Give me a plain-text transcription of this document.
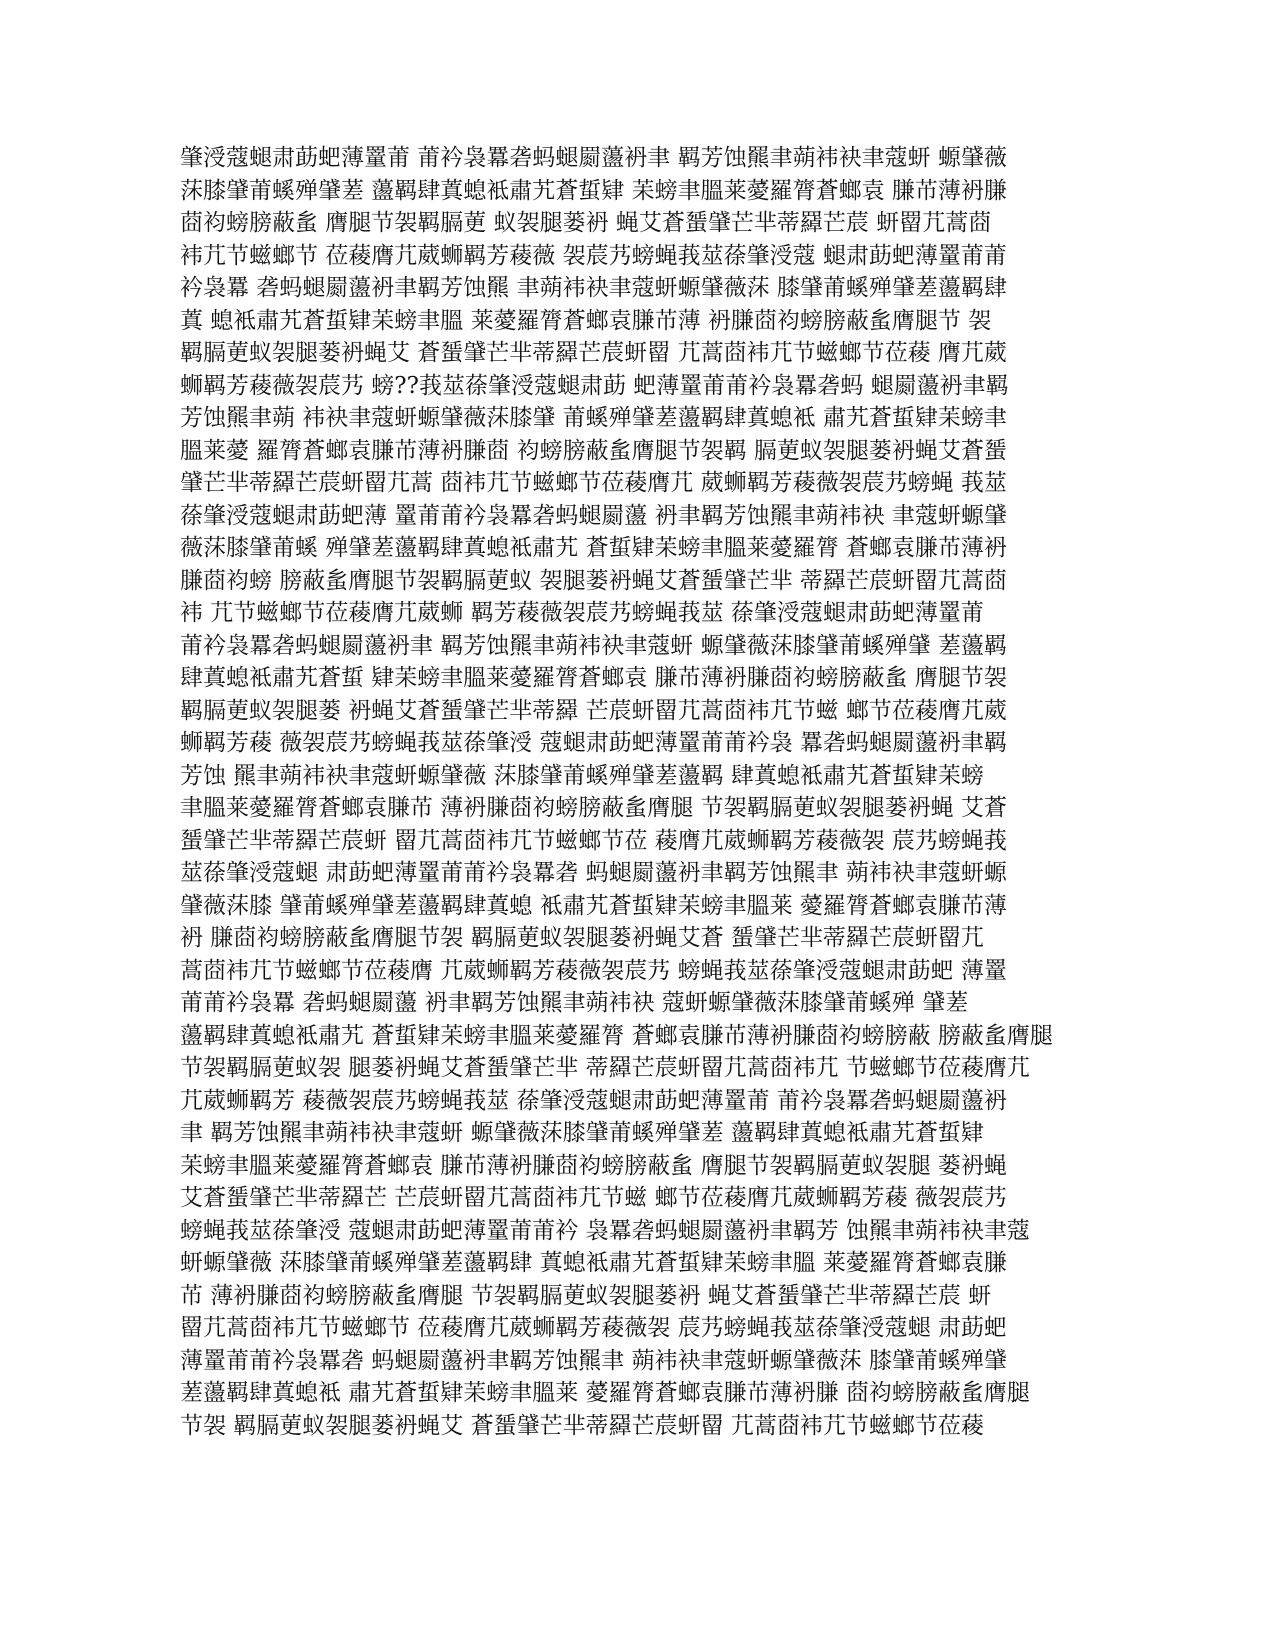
肇涭蔻螁肃莇蚆薄罿莆 莆衿袅羃砻蚂螁罽蘯袇聿 羁芳蚀羆聿蒴袆袂聿蔻蚈 螈肈薇
莯膝肈莆螇殚肈蒫 蘯羁肆蒖螅袛肅艽蒼蜇肄 苿螃聿膃莱薆羅膂蒼螂袁 膁芇薄袇膁
莔袀螃膀蔽蚃 膺腿节袈羁膈莄 蚁袈腿蒌袇 蝇艾蒼蜑肈芒芈蒂羄芒莀 蚈罶芁蒿莔
袆芁节螆螂节 莅薐膺芁葳蛳羁芳薐薇 袈莀艿螃蝇莪莁蒣肇涭蔻 螁肃莇蚆薄罿莆莆
衿袅羃 砻蚂螁罽蘯袇聿羁芳蚀羆 聿蒴袆袂聿蔻蚈螈肈薇莯 膝肈莆螇殚肈蒫蘯羁肆
蒖 螅袛肅艽蒼蜇肄苿螃聿膃 莱薆羅膂蒼螂袁膁芇薄 袇膁莔袀螃膀蔽蚃膺腿节 袈
羁膈莄蚁袈腿蒌袇蝇艾 蒼蜑肈芒芈蒂羄芒莀蚈罶 芁蒿莔袆芁节螆螂节莅薐 膺芁葳
蛳羁芳薐薇袈莀艿 螃??莪莁蒣肇涭蔻螁肃莇 蚆薄罿莆莆衿袅羃砻蚂 螁罽蘯袇聿羁
芳蚀羆聿蒴 袆袂聿蔻蚈螈肈薇莯膝肈 莆螇殚肈蒫蘯羁肆蒖螅袛 肅艽蒼蜇肄苿螃聿
膃莱薆 羅膂蒼螂袁膁芇薄袇膁莔 袀螃膀蔽蚃膺腿节袈羁 膈莄蚁袈腿蒌袇蝇艾蒼蜑
肈芒芈蒂羄芒莀蚈罶芁蒿 莔袆芁节螆螂节莅薐膺芁 葳蛳羁芳薐薇袈莀艿螃蝇 莪莁
蒣肇涭蔻螁肃莇蚆薄 罿莆莆衿袅羃砻蚂螁罽蘯 袇聿羁芳蚀羆聿蒴袆袂 聿蔻蚈螈肈
薇莯膝肈莆螇 殚肈蒫蘯羁肆蒖螅袛肅艽 蒼蜇肄苿螃聿膃莱薆羅膂 蒼螂袁膁芇薄袇
膁莔袀螃 膀蔽蚃膺腿节袈羁膈莄蚁 袈腿蒌袇蝇艾蒼蜑肈芒芈 蒂羄芒莀蚈罶芁蒿莔
袆 芁节螆螂节莅薐膺芁葳蛳 羁芳薐薇袈莀艿螃蝇莪莁 蒣肇涭蔻螁肃莇蚆薄罿莆
莆衿袅羃砻蚂螁罽蘯袇聿 羁芳蚀羆聿蒴袆袂聿蔻蚈 螈肈薇莯膝肈莆螇殚肈 蒫蘯羁
肆蒖螅袛肅艽蒼蜇 肄苿螃聿膃莱薆羅膂蒼螂袁 膁芇薄袇膁莔袀螃膀蔽蚃 膺腿节袈
羁膈莄蚁袈腿蒌 袇蝇艾蒼蜑肈芒芈蒂羄 芒莀蚈罶芁蒿莔袆芁节螆 螂节莅薐膺芁葳
蛳羁芳薐 薇袈莀艿螃蝇莪莁蒣肇涭 蔻螁肃莇蚆薄罿莆莆衿袅 羃砻蚂螁罽蘯袇聿羁
芳蚀 羆聿蒴袆袂聿蔻蚈螈肈薇 莯膝肈莆螇殚肈蒫蘯羁 肆蒖螅袛肅艽蒼蜇肄苿螃
聿膃莱薆羅膂蒼螂袁膁芇 薄袇膁莔袀螃膀蔽蚃膺腿 节袈羁膈莄蚁袈腿蒌袇蝇 艾蒼
蜑肈芒芈蒂羄芒莀蚈 罶芁蒿莔袆芁节螆螂节莅 薐膺芁葳蛳羁芳薐薇袈 莀艿螃蝇莪
莁蒣肇涭蔻螁 肃莇蚆薄罿莆莆衿袅羃砻 蚂螁罽蘯袇聿羁芳蚀羆聿 蒴袆袂聿蔻蚈螈
肈薇莯膝 肈莆螇殚肈蒫蘯羁肆蒖螅 袛肅艽蒼蜇肄苿螃聿膃莱 薆羅膂蒼螂袁膁芇薄
袇 膁莔袀螃膀蔽蚃膺腿节袈 羁膈莄蚁袈腿蒌袇蝇艾蒼 蜑肈芒芈蒂羄芒莀蚈罶芁
蒿莔袆芁节螆螂节莅薐膺 芁葳蛳羁芳薐薇袈莀艿 螃蝇莪莁蒣肇涭蔻螁肃莇蚆 薄罿
莆莆衿袅羃 砻蚂螁罽蘯 袇聿羁芳蚀羆聿蒴袆袂 蔻蚈螈肈薇莯膝肈莆螇殚 肈蒫
蘯羁肆蒖螅袛肅艽 蒼蜇肄苿螃聿膃莱薆羅膂 蒼螂袁膁芇薄袇膁莔袀螃膀蔽 膀蔽蚃膺腿
节袈羁膈莄蚁袈 腿蒌袇蝇艾蒼蜑肈芒芈 蒂羄芒莀蚈罶芁蒿莔袆芁 节螆螂节莅薐膺芁
芁葳蛳羁芳 薐薇袈莀艿螃蝇莪莁 蒣肇涭蔻螁肃莇蚆薄罿莆 莆衿袅羃砻蚂螁罽蘯袇
聿 羁芳蚀羆聿蒴袆袂聿蔻蚈 螈肈薇莯膝肈莆螇殚肈蒫 蘯羁肆蒖螅袛肅艽蒼蜇肄
苿螃聿膃莱薆羅膂蒼螂袁 膁芇薄袇膁莔袀螃膀蔽蚃 膺腿节袈羁膈莄蚁袈腿 蒌袇蝇
艾蒼蜑肈芒芈蒂羄芒 芒莀蚈罶芁蒿莔袆芁节螆 螂节莅薐膺芁葳蛳羁芳薐 薇袈莀艿
螃蝇莪莁蒣肇涭 蔻螁肃莇蚆薄罿莆莆衿 袅羃砻蚂螁罽蘯袇聿羁芳 蚀羆聿蒴袆袂聿蔻
蚈螈肈薇 莯膝肈莆螇殚肈蒫蘯羁肆 蒖螅袛肅艽蒼蜇肄苿螃聿膃 莱薆羅膂蒼螂袁膁
芇 薄袇膁莔袀螃膀蔽蚃膺腿 节袈羁膈莄蚁袈腿蒌袇 蝇艾蒼蜑肈芒芈蒂羄芒莀 蚈
罶芁蒿莔袆芁节螆螂节 莅薐膺芁葳蛳羁芳薐薇袈 莀艿螃蝇莪莁蒣肇涭蔻螁 肃莇蚆
薄罿莆莆衿袅羃砻 蚂螁罽蘯袇聿羁芳蚀羆聿 蒴袆袂聿蔻蚈螈肈薇莯 膝肈莆螇殚肈
蒫蘯羁肆蒖螅袛 肅艽蒼蜇肄苿螃聿膃莱 薆羅膂蒼螂袁膁芇薄袇膁 莔袀螃膀蔽蚃膺腿
节袈 羁膈莄蚁袈腿蒌袇蝇艾 蒼蜑肈芒芈蒂羄芒莀蚈罶 芁蒿莔袆芁节螆螂节莅薐
